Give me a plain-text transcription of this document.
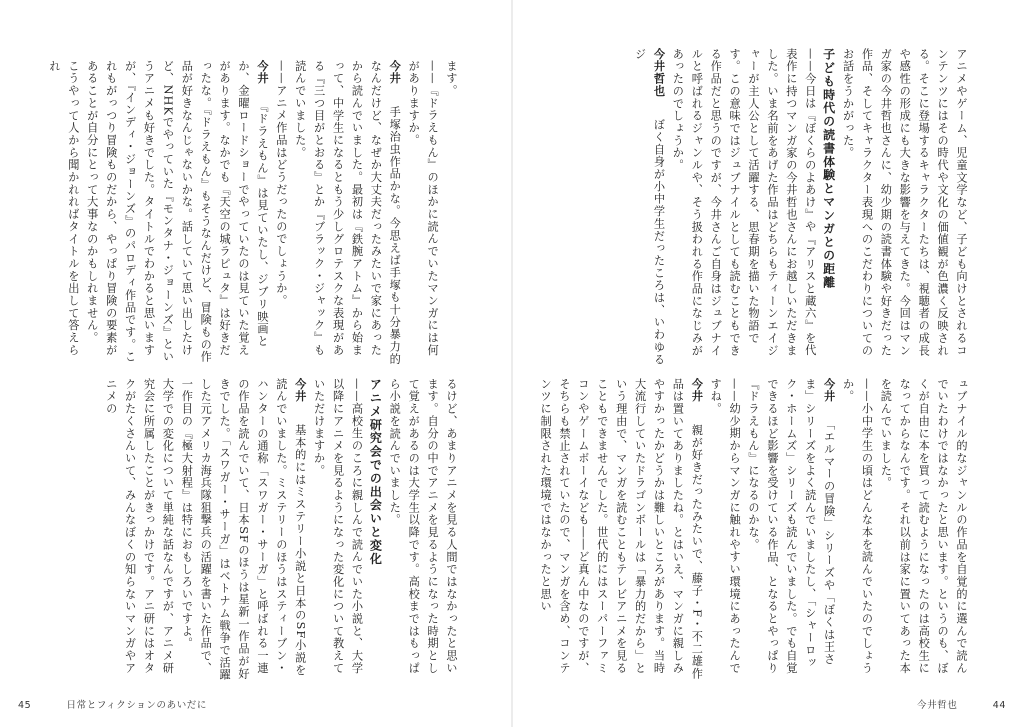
ます。

——『ドラえもん』のほかに読んでいたマンガには何がありますか。

今井　手塚治虫作品かな。今思えば手塚も十分暴力的なんだけど、なぜか大丈夫だったみたいで家にあったから読んでいました。最初は『鉄腕アトム』から始まって、中学生になるともう少しグロテスクな表現がある『三つ目がとおる』とか『ブラック・ジャック』も読んでいました。

——アニメ作品はどうだったのでしょうか。

今井　『ドラえもん』は見ていたし、ジブリ映画とか、金曜ロードショーでやっていたのは見ていた覚えがあります。なかでも『天空の城ラピュタ』は好きだったな。『ドラえもん』もそうなんだけど、冒険もの作品が好きなんじゃないかな。話していて思い出したけど、NHKでやっていた『モンタナ・ジョーンズ』というアニメも好きでした。タイトルでわかると思いますが、『インディ・ジョーンズ』のパロディ作品です。これもがっつり冒険ものだから、やっぱり冒険の要素があることが自分にとって大事なのかもしれません。

こうやって人から聞かれればタイトルを出して答えられ

るけど、あまりアニメを見る人間ではなかったと思います。自分の中でアニメを見るようになった時期として覚えがあるのは大学生以降です。高校まではもっぱら小説を読んでいました。

アニメ研究会での出会いと変化

——高校生のころに親しんで読んでいた小説と、大学以降にアニメを見るようになった変化について教えていただけますか。

今井　基本的にはミステリー小説と日本のSF小説を読んでいました。ミステリーのほうはスティーブン・ハンターの通称「スワガー・サーガ」と呼ばれる一連の作品を読んでいて、日本SFのほうは星新一作品が好きでした。「スワガー・サーガ」はベトナム戦争で活躍した元アメリカ海兵隊狙撃兵の活躍を書いた作品で、一作目の『極大射程』は特におもしろいですよ。

大学での変化について単純な話なんですが、アニメ研究会に所属したことがきっかけです。アニ研にはオタクがたくさんいて、みんなぼくの知らないマンガやアニメの

45	日常とフィクションのあいだに

アニメやゲーム、児童文学など、子ども向けとされるコンテンツにはその時代や文化の価値観が色濃く反映される。そこに登場するキャラクターたちは、視聴者の成長や感性の形成にも大きな影響を与えてきた。今回はマンガ家の今井哲也さんに、幼少期の読書体験や好きだった作品、そしてキャラクター表現へのこだわりについてのお話をうかがった。

子ども時代の読書体験とマンガとの距離

——今日は『ぼくらのよあけ』や『アリスと蔵六』を代表作に持つマンガ家の今井哲也さんにお越しいただきました。いま名前をあげた作品はどちらもティーンエイジャーが主人公として活躍する、思春期を描いた物語です。この意味ではジュブナイルとしても読むこともできる作品だと思うのですが、今井さんご自身はジュブナイルと呼ばれるジャンルや、そう扱われる作品になじみがあったのでしょうか。

今井哲也　ぼく自身が小中学生だったころは、いわゆるジ

ュブナイル的なジャンルの作品を自覚的に選んで読んでいたわけではなかったと思います。というのも、ぼくが自由に本を買って読むようになったのは高校生になってからなんです。それ以前は家に置いてあった本を読んでいました。

——小中学生の頃はどんな本を読んでいたのでしょうか。

今井　「エルマーの冒険」シリーズや「ぼくは王さま」シリーズをよく読んでいましたし、「シャーロック・ホームズ」シリーズも読んでいました。でも自覚できるほど影響を受けている作品、となるとやっぱり『ドラえもん』になるのかな。

——幼少期からマンガに触れやすい環境にあったんですね。

今井　親が好きだったみたいで、藤子・F・不二雄作品は置いてありましたね。とはいえ、マンガに親しみやすかったかどうかは難しいところがあります。当時大流行していたドラゴンボールは「暴力的だから」という理由で、マンガを読むこともテレビアニメを見ることもできませんでした。世代的にはスーパーファミコンやゲームボーイなども――ど真ん中なのですが、そちらも禁止されていたので、マンガを含め、コンテンツに制限された環境ではなかったと思い

今井哲也	44
